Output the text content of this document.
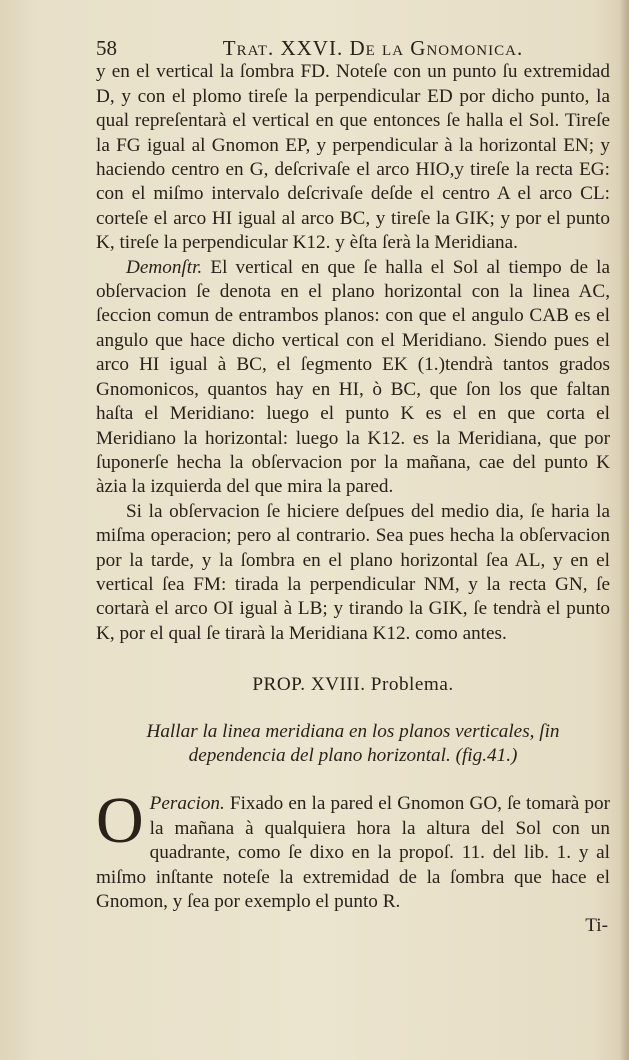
58	Trat. XXVI. De la Gnomonica.

y en el vertical la ſombra FD. Noteſe con un punto ſu extremidad D, y con el plomo tireſe la perpendicular ED por dicho punto, la qual repreſentarà el vertical en que entonces ſe halla el Sol. Tireſe la FG igual al Gnomon EP, y perpendicular à la horizontal EN; y haciendo centro en G, deſcrivaſe el arco HIO,y tireſe la recta EG: con el miſmo intervalo deſcrivaſe deſde el centro A el arco CL: corteſe el arco HI igual al arco BC, y tireſe la GIK; y por el punto K, tireſe la perpendicular K12. y èſta ſerà la Meridiana.

Demonſtr. El vertical en que ſe halla el Sol al tiempo de la obſervacion ſe denota en el plano horizontal con la linea AC, ſeccion comun de entrambos planos: con que el angulo CAB es el angulo que hace dicho vertical con el Meridiano. Siendo pues el arco HI igual à BC, el ſegmento EK (1.)tendrà tantos grados Gnomonicos, quantos hay en HI, ò BC, que ſon los que faltan haſta el Meridiano: luego el punto K es el en que corta el Meridiano la horizontal: luego la K12. es la Meridiana, que por ſuponerſe hecha la obſervacion por la mañana, cae del punto K àzia la izquierda del que mira la pared.

Si la obſervacion ſe hiciere deſpues del medio dia, ſe haria la miſma operacion; pero al contrario. Sea pues hecha la obſervacion por la tarde, y la ſombra en el plano horizontal ſea AL, y en el vertical ſea FM: tirada la perpendicular NM, y la recta GN, ſe cortarà el arco OI igual à LB; y tirando la GIK, ſe tendrà el punto K, por el qual ſe tirarà la Meridiana K12. como antes.

PROP. XVIII. Problema.
Hallar la linea meridiana en los planos verticales, ſin dependencia del plano horizontal. (fig.41.)

O Peracion. Fixado en la pared el Gnomon GO, ſe tomarà por la mañana à qualquiera hora la altura del Sol con un quadrante, como ſe dixo en la propoſ. 11. del lib. 1. y al miſmo inſtante noteſe la extremidad de la ſombra que hace el Gnomon, y ſea por exemplo el punto R.

Ti-
